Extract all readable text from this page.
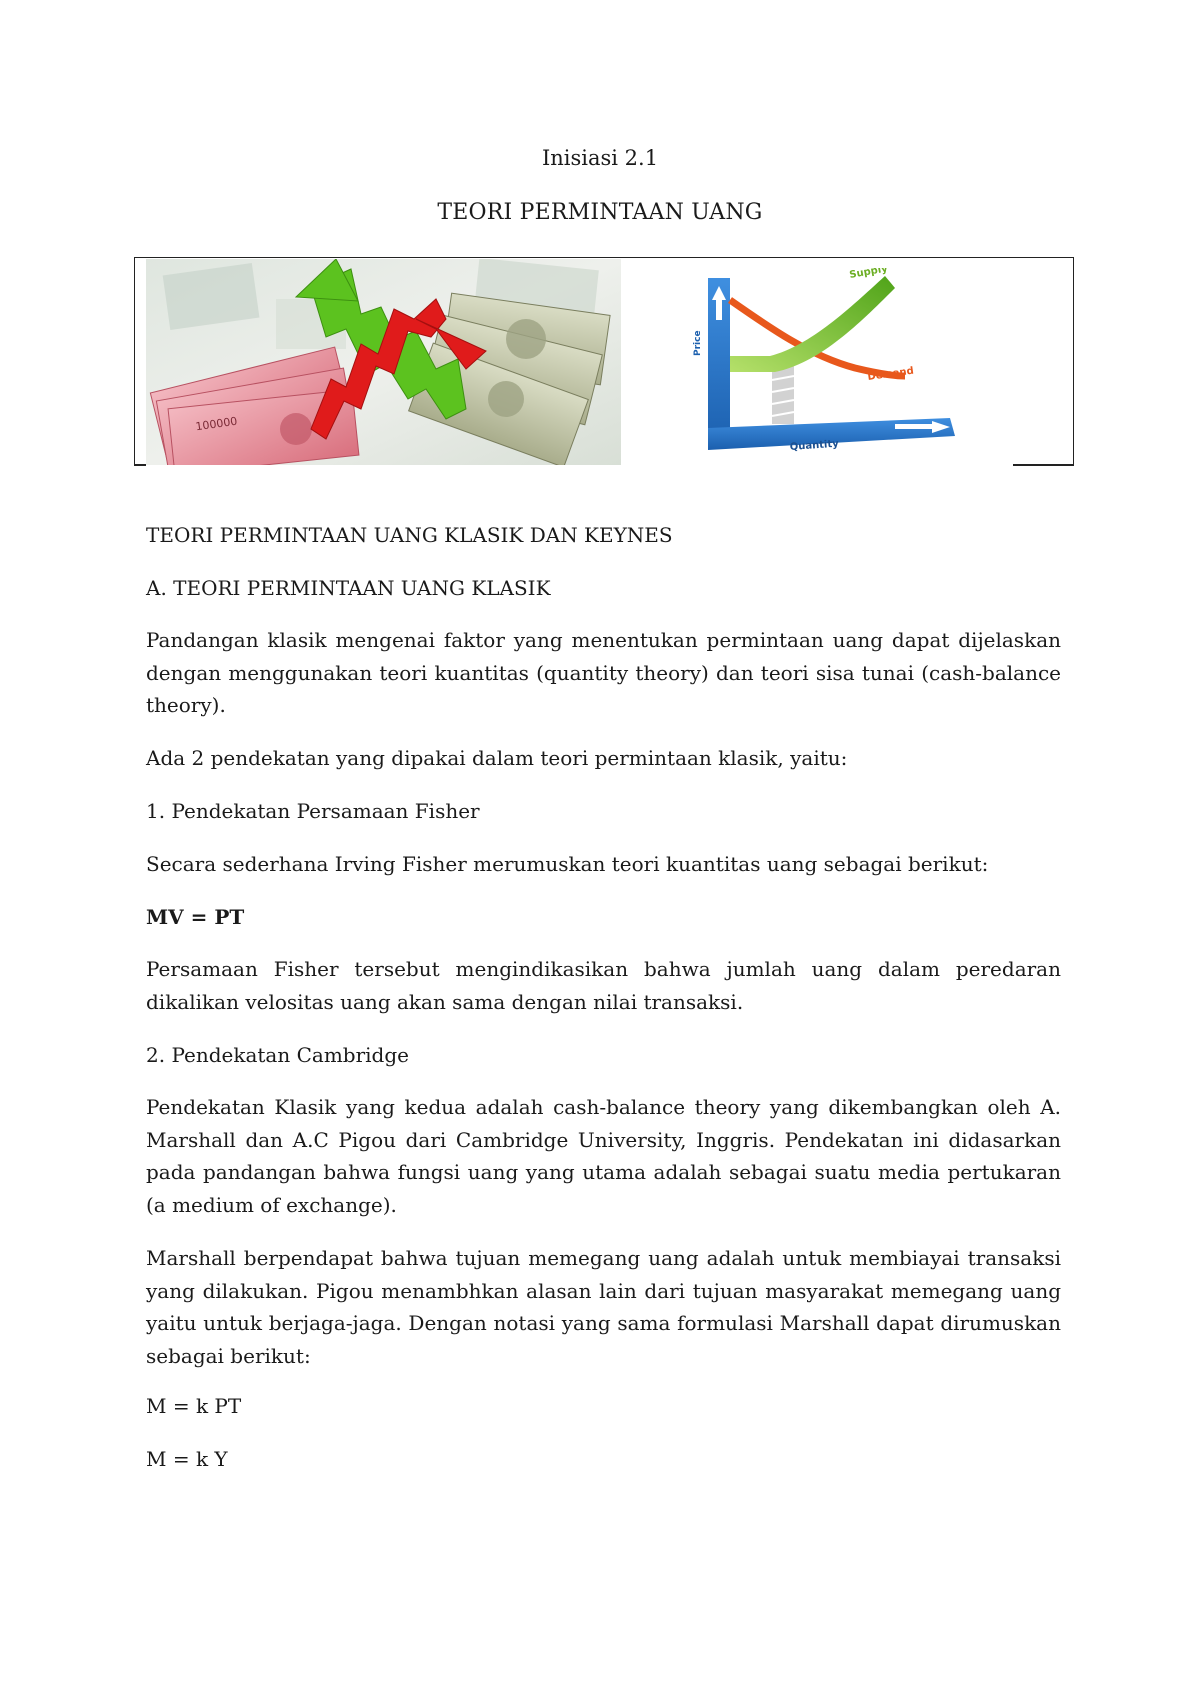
Inisiasi 2.1
TEORI PERMINTAAN UANG
100000
Supply
Demand
Price
Quantity
TEORI PERMINTAAN UANG KLASIK DAN KEYNES
A. TEORI PERMINTAAN UANG KLASIK
Pandangan klasik mengenai faktor yang menentukan permintaan uang dapat dijelaskan dengan menggunakan teori kuantitas (quantity theory) dan teori sisa tunai (cash-balance theory).
Ada 2 pendekatan yang dipakai dalam teori permintaan klasik, yaitu:
1. Pendekatan Persamaan Fisher
Secara sederhana Irving Fisher merumuskan teori kuantitas uang sebagai berikut:
MV = PT
Persamaan Fisher tersebut mengindikasikan bahwa jumlah uang dalam peredaran dikalikan velositas uang akan sama dengan nilai transaksi.
2. Pendekatan Cambridge
Pendekatan Klasik yang kedua adalah cash-balance theory yang dikembangkan oleh A. Marshall dan A.C Pigou dari Cambridge University, Inggris. Pendekatan ini didasarkan pada pandangan bahwa fungsi uang yang utama adalah sebagai suatu media pertukaran (a medium of exchange).
Marshall berpendapat bahwa tujuan memegang uang adalah untuk membiayai transaksi yang dilakukan. Pigou menambhkan alasan lain dari tujuan masyarakat memegang uang yaitu untuk berjaga-jaga. Dengan notasi yang sama formulasi Marshall dapat dirumuskan sebagai berikut:
M = k PT
M = k Y
